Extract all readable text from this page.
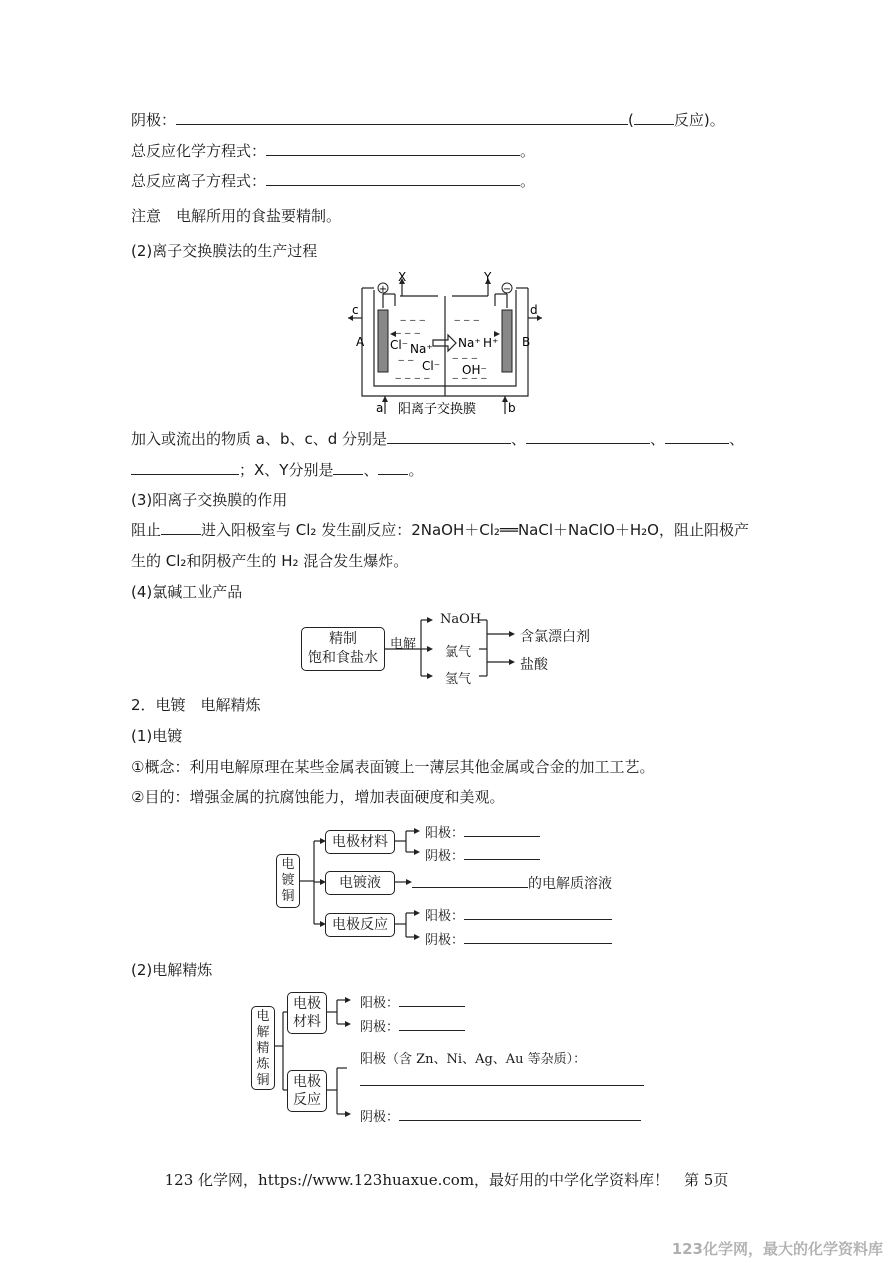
阴极：	(	反应)。
总反应化学方程式：	。
总反应离子方程式：	。
注意　电解所用的食盐要精制。
(2)离子交换膜法的生产过程
+	−
X	Y
c	d
A	B
a	b
Cl⁻ Na⁺
Cl⁻
Na⁺ H⁺
OH⁻
‒ ‒ ‒
‒ ‒ ‒
‒ ‒
‒ ‒ ‒ ‒
‒ ‒ ‒
‒ ‒ ‒
‒ ‒ ‒ ‒
阳离子交换膜
加入或流出的物质 a、b、c、d 分别是	、	、	、
；X、Y分别是 、 。
(3)阳离子交换膜的作用
阻止	进入阳极室与 Cl₂ 发生副反应：2NaOH＋Cl₂══NaCl＋NaClO＋H₂O，阻止阳极产
生的 Cl₂和阴极产生的 H₂ 混合发生爆炸。
(4)氯碱工业产品
精制
饱和食盐水
电解
NaOH
氯气
氢气
含氯漂白剂
盐酸
2．电镀　电解精炼
(1)电镀
①概念：利用电解原理在某些金属表面镀上一薄层其他金属或合金的加工工艺。
②目的：增强金属的抗腐蚀能力，增加表面硬度和美观。
电镀铜
电极材料
电镀液
电极反应
阳极：
阴极：
的电解质溶液
阳极：
阴极：
(2)电解精炼
电解精炼铜
电极材料
电极反应
阳极：
阴极：
阳极（含 Zn、Ni、Ag、Au 等杂质）：
阴极：
123 化学网，https://www.123huaxue.com，最好用的中学化学资料库！　第 5页
123化学网，最大的化学资料库
